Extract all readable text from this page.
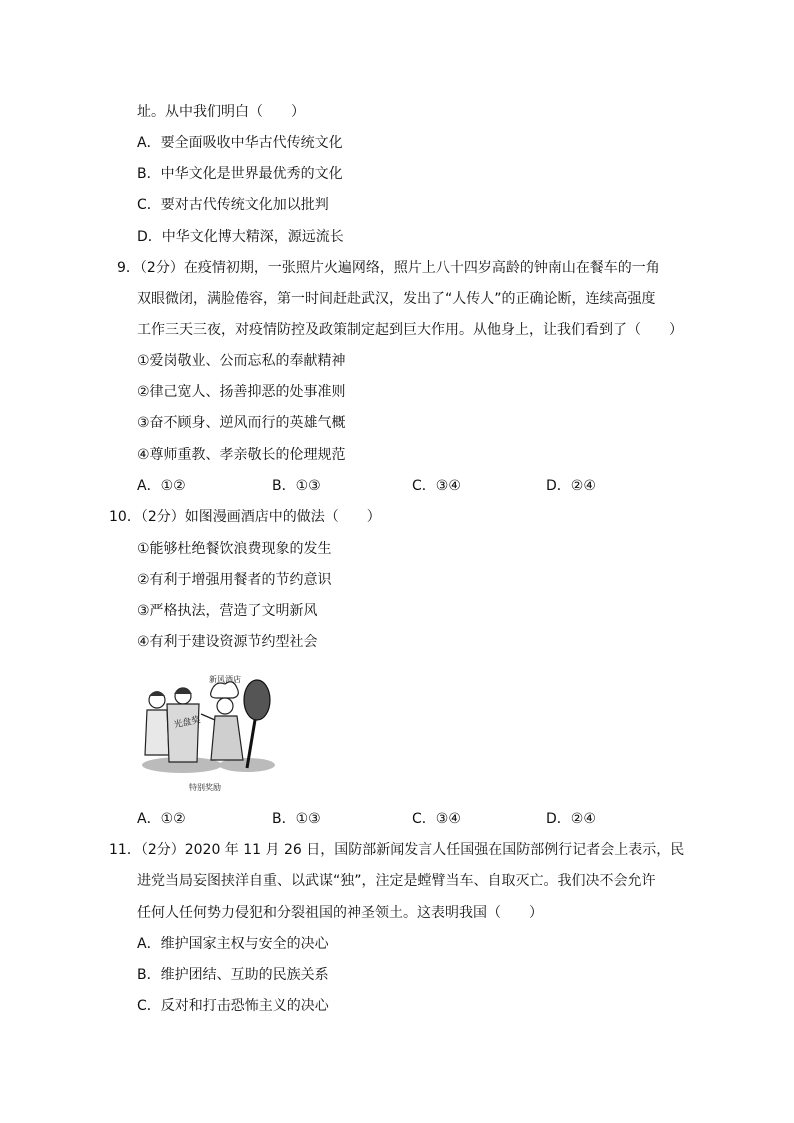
址。从中我们明白（　　）
A．要全面吸收中华古代传统文化
B．中华文化是世界最优秀的文化
C．要对古代传统文化加以批判
D．中华文化博大精深，源远流长
9．（2分）在疫情初期，一张照片火遍网络，照片上八十四岁高龄的钟南山在餐车的一角
双眼微闭，满脸倦容，第一时间赶赴武汉，发出了“人传人”的正确论断，连续高强度
工作三天三夜，对疫情防控及政策制定起到巨大作用。从他身上，让我们看到了（　　）
①爱岗敬业、公而忘私的奉献精神
②律己宽人、扬善抑恶的处事准则
③奋不顾身、逆风而行的英雄气概
④尊师重教、孝亲敬长的伦理规范
A．①②	B．①③	C．③④	D．②④
10．（2分）如图漫画酒店中的做法（　　）
①能够杜绝餐饮浪费现象的发生
②有利于增强用餐者的节约意识
③严格执法，营造了文明新风
④有利于建设资源节约型社会
新风酒店
光盘奖
特别奖励
A．①②	B．①③	C．③④	D．②④
11．（2分）2020 年 11 月 26 日，国防部新闻发言人任国强在国防部例行记者会上表示，民
进党当局妄图挟洋自重、以武谋“独”，注定是螳臂当车、自取灭亡。我们决不会允许
任何人任何势力侵犯和分裂祖国的神圣领土。这表明我国（　　）
A．维护国家主权与安全的决心
B．维护团结、互助的民族关系
C．反对和打击恐怖主义的决心
